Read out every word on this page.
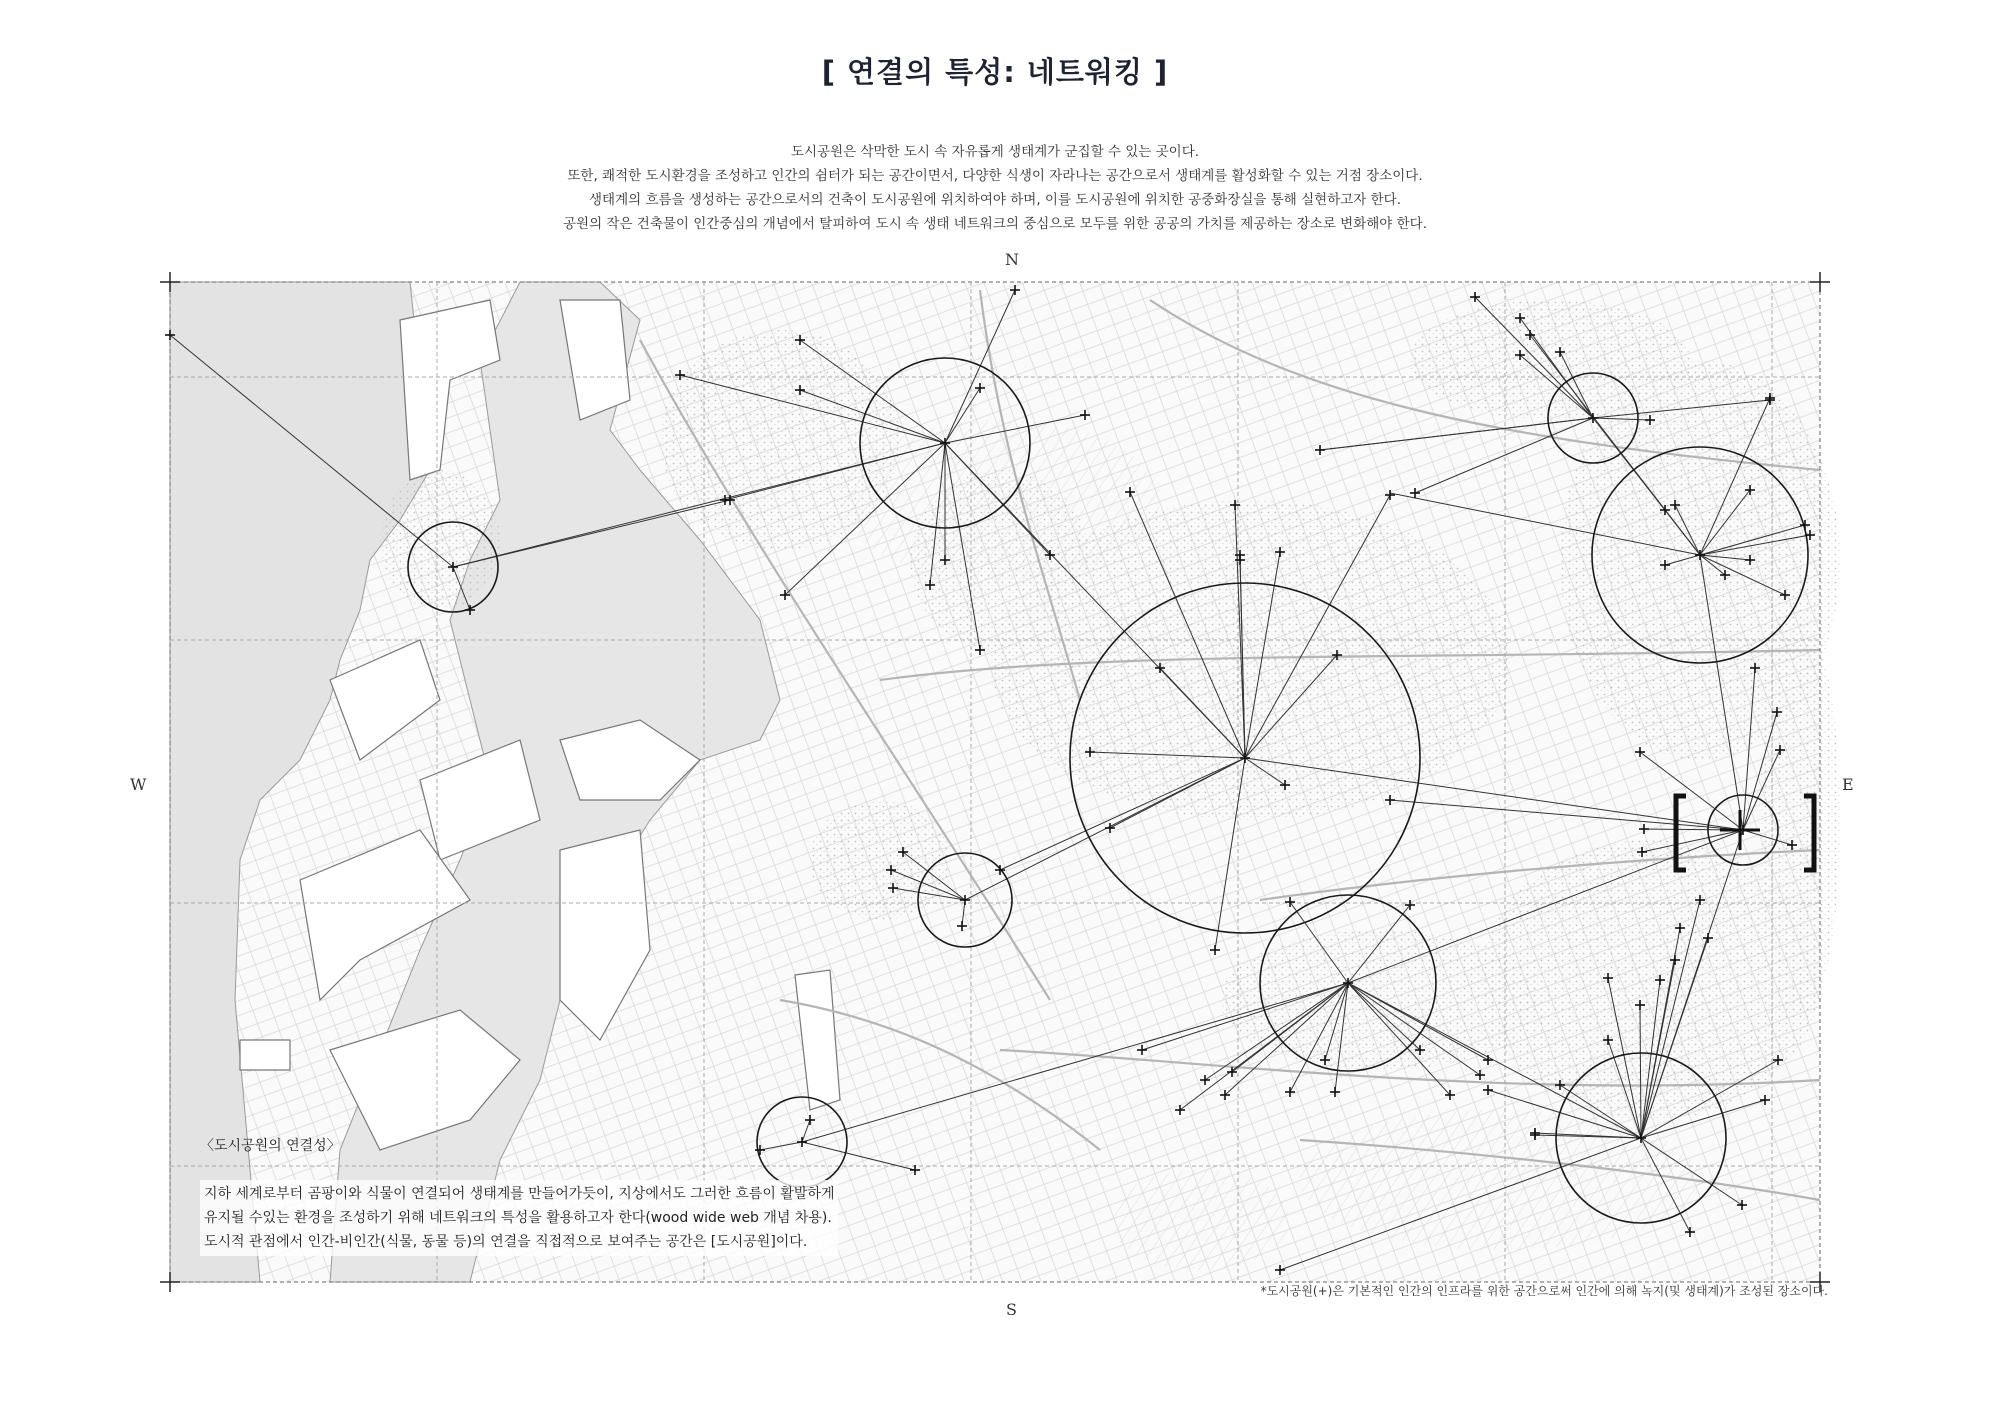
[ 연결의 특성: 네트워킹 ]
도시공원은 삭막한 도시 속 자유롭게 생태계가 군집할 수 있는 곳이다.
또한, 쾌적한 도시환경을 조성하고 인간의 쉼터가 되는 공간이면서, 다양한 식생이 자라나는 공간으로서 생태계를 활성화할 수 있는 거점 장소이다.
생태계의 흐름을 생성하는 공간으로서의 건축이 도시공원에 위치하여야 하며, 이를 도시공원에 위치한 공중화장실을 통해 실현하고자 한다.
공원의 작은 건축물이 인간중심의 개념에서 탈피하여 도시 속 생태 네트워크의 중심으로 모두를 위한 공공의 가치를 제공하는 장소로 변화해야 한다.
N
S
W	E
〈도시공원의 연결성〉
지하 세계로부터 곰팡이와 식물이 연결되어 생태계를 만들어가듯이, 지상에서도 그러한 흐름이 활발하게
유지될 수있는 환경을 조성하기 위해 네트워크의 특성을 활용하고자 한다(wood wide web 개념 차용).
도시적 관점에서 인간-비인간(식물, 동물 등)의 연결을 직접적으로 보여주는 공간은 [도시공원]이다.
*도시공원(+)은 기본적인 인간의 인프라를 위한 공간으로써 인간에 의해 녹지(및 생태계)가 조성된 장소이다.
